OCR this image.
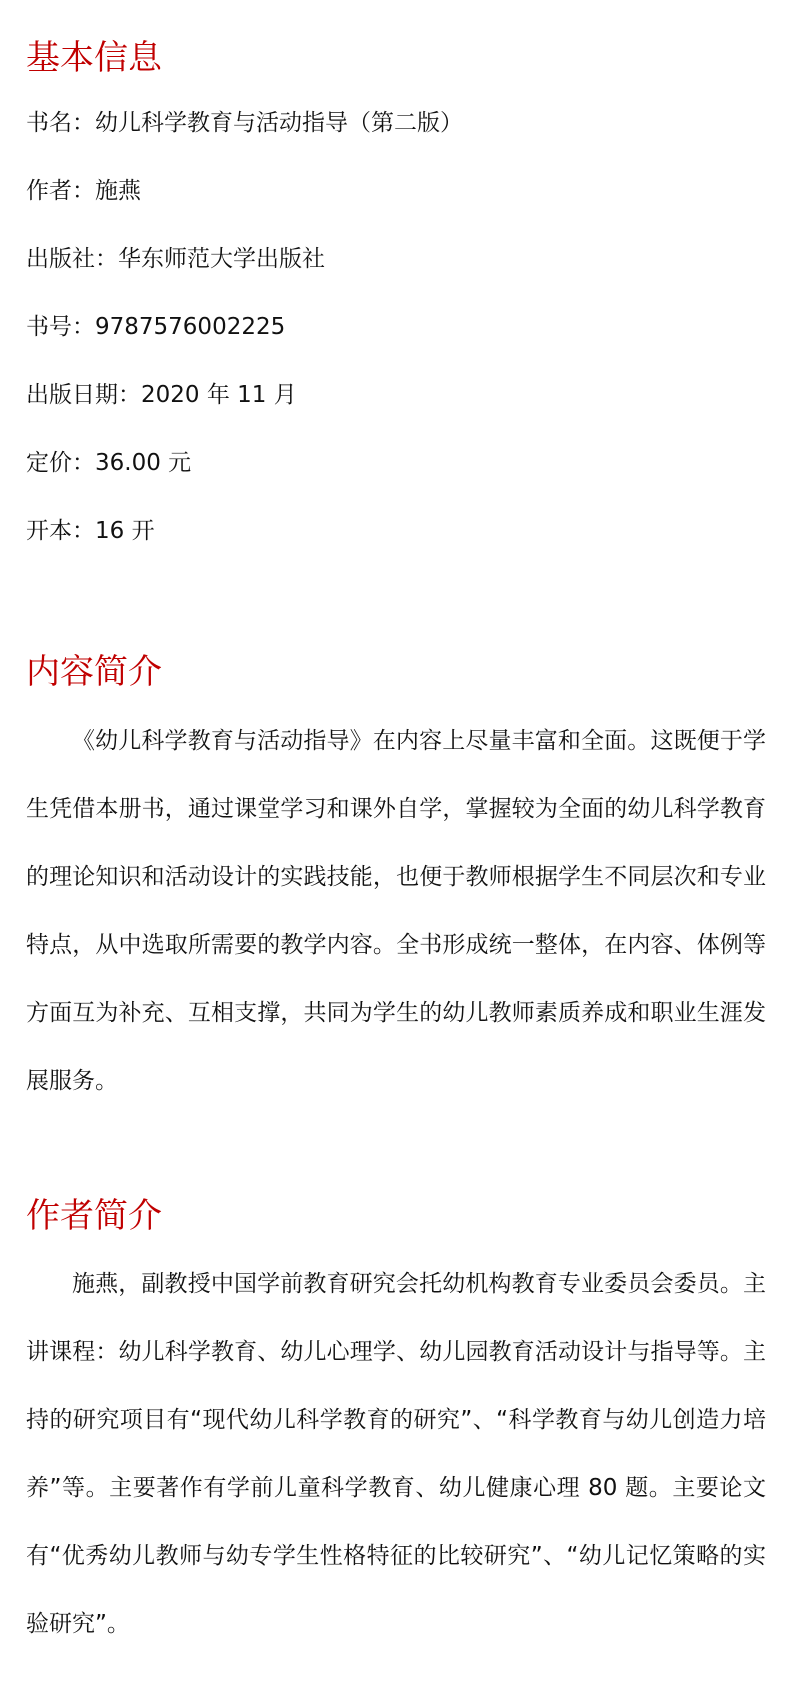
基本信息
书名：幼儿科学教育与活动指导（第二版）
作者：施燕
出版社：华东师范大学出版社
书号：9787576002225
出版日期：2020 年 11 月
定价：36.00 元
开本：16 开
内容简介

《幼儿科学教育与活动指导》在内容上尽量丰富和全面。这既便于学生凭借本册书，通过课堂学习和课外自学，掌握较为全面的幼儿科学教育的理论知识和活动设计的实践技能，也便于教师根据学生不同层次和专业特点，从中选取所需要的教学内容。全书形成统一整体，在内容、体例等方面互为补充、互相支撑，共同为学生的幼儿教师素质养成和职业生涯发展服务。

作者简介

施燕，副教授中国学前教育研究会托幼机构教育专业委员会委员。主讲课程：幼儿科学教育、幼儿心理学、幼儿园教育活动设计与指导等。主持的研究项目有“现代幼儿科学教育的研究”、“科学教育与幼儿创造力培养”等。主要著作有学前儿童科学教育、幼儿健康心理 80 题。主要论文有“优秀幼儿教师与幼专学生性格特征的比较研究”、“幼儿记忆策略的实验研究”。
